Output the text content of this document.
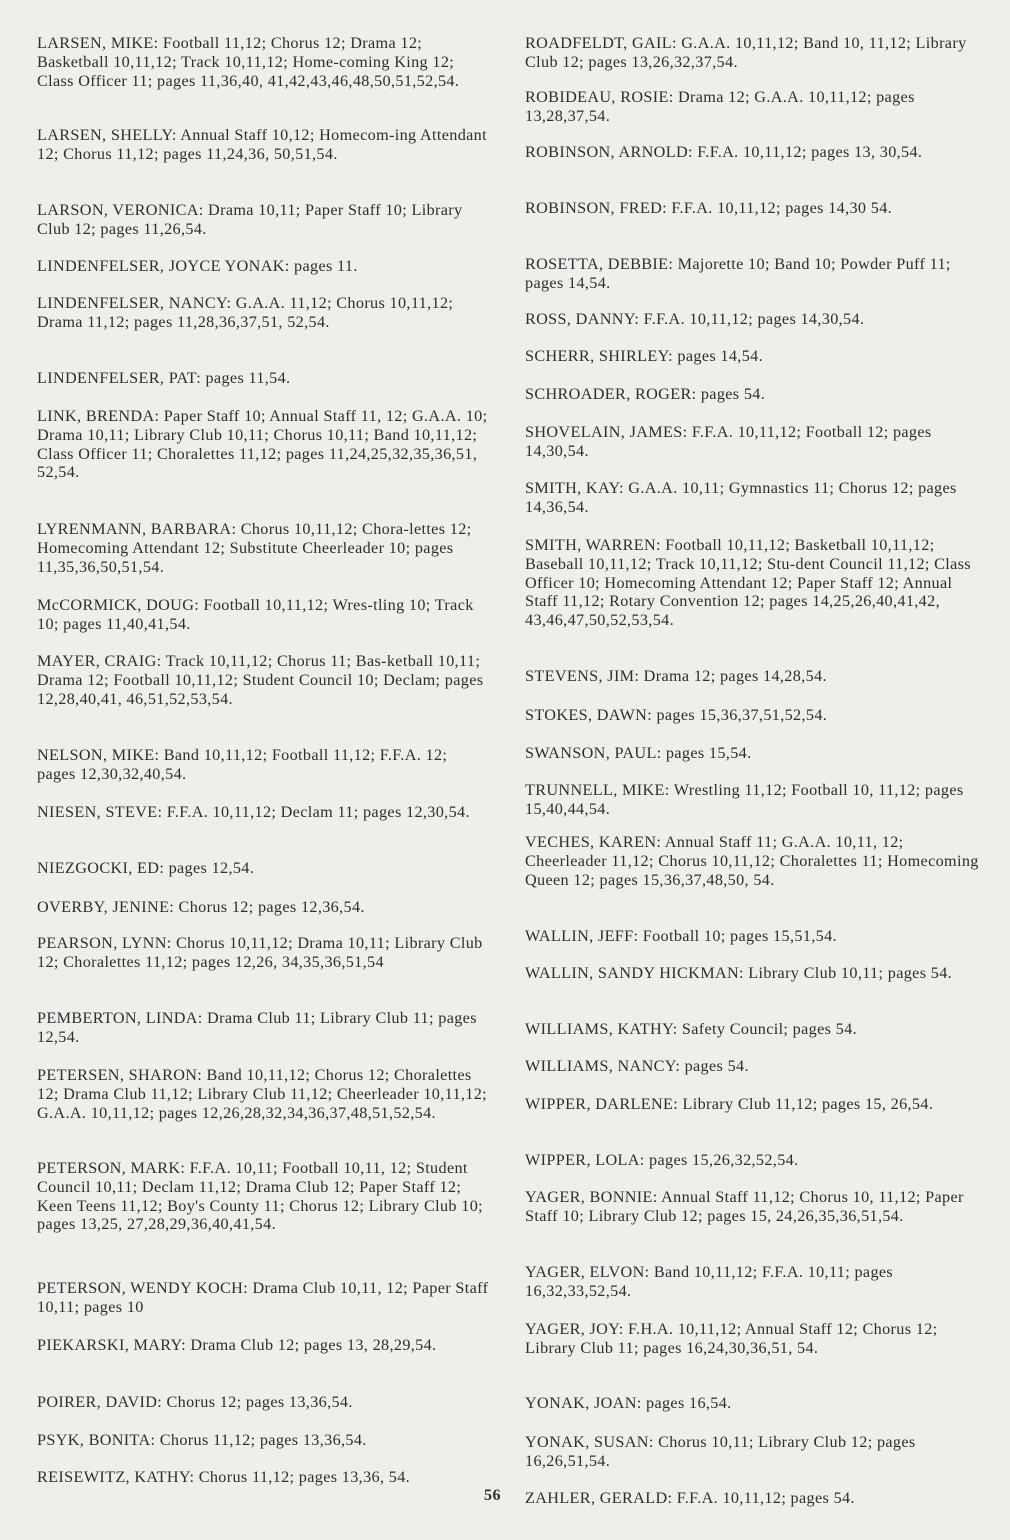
LARSEN, MIKE: Football 11,12; Chorus 12; Drama 12; Basketball 10,11,12; Track 10,11,12; Home-coming King 12; Class Officer 11; pages 11,36,40, 41,42,43,46,48,50,51,52,54.
LARSEN, SHELLY: Annual Staff 10,12; Homecom-ing Attendant 12; Chorus 11,12; pages 11,24,36, 50,51,54.
LARSON, VERONICA: Drama 10,11; Paper Staff 10; Library Club 12; pages 11,26,54.
LINDENFELSER, JOYCE YONAK: pages 11.
LINDENFELSER, NANCY: G.A.A. 11,12; Chorus 10,11,12; Drama 11,12; pages 11,28,36,37,51, 52,54.
LINDENFELSER, PAT: pages 11,54.
LINK, BRENDA: Paper Staff 10; Annual Staff 11, 12; G.A.A. 10; Drama 10,11; Library Club 10,11; Chorus 10,11; Band 10,11,12; Class Officer 11; Choralettes 11,12; pages 11,24,25,32,35,36,51, 52,54.
LYRENMANN, BARBARA: Chorus 10,11,12; Chora-lettes 12; Homecoming Attendant 12; Substitute Cheerleader 10; pages 11,35,36,50,51,54.
McCORMICK, DOUG: Football 10,11,12; Wres-tling 10; Track 10; pages 11,40,41,54.
MAYER, CRAIG: Track 10,11,12; Chorus 11; Bas-ketball 10,11; Drama 12; Football 10,11,12; Student Council 10; Declam; pages 12,28,40,41, 46,51,52,53,54.
NELSON, MIKE: Band 10,11,12; Football 11,12; F.F.A. 12; pages 12,30,32,40,54.
NIESEN, STEVE: F.F.A. 10,11,12; Declam 11; pages 12,30,54.
NIEZGOCKI, ED: pages 12,54.
OVERBY, JENINE: Chorus 12; pages 12,36,54.
PEARSON, LYNN: Chorus 10,11,12; Drama 10,11; Library Club 12; Choralettes 11,12; pages 12,26, 34,35,36,51,54
PEMBERTON, LINDA: Drama Club 11; Library Club 11; pages 12,54.
PETERSEN, SHARON: Band 10,11,12; Chorus 12; Choralettes 12; Drama Club 11,12; Library Club 11,12; Cheerleader 10,11,12; G.A.A. 10,11,12; pages 12,26,28,32,34,36,37,48,51,52,54.
PETERSON, MARK: F.F.A. 10,11; Football 10,11, 12; Student Council 10,11; Declam 11,12; Drama Club 12; Paper Staff 12; Keen Teens 11,12; Boy's County 11; Chorus 12; Library Club 10; pages 13,25, 27,28,29,36,40,41,54.
PETERSON, WENDY KOCH: Drama Club 10,11, 12; Paper Staff 10,11; pages 10
PIEKARSKI, MARY: Drama Club 12; pages 13, 28,29,54.
POIRER, DAVID: Chorus 12; pages 13,36,54.
PSYK, BONITA: Chorus 11,12; pages 13,36,54.
REISEWITZ, KATHY: Chorus 11,12; pages 13,36, 54.
ROADFELDT, GAIL: G.A.A. 10,11,12; Band 10, 11,12; Library Club 12; pages 13,26,32,37,54.
ROBIDEAU, ROSIE: Drama 12; G.A.A. 10,11,12; pages 13,28,37,54.
ROBINSON, ARNOLD: F.F.A. 10,11,12; pages 13, 30,54.
ROBINSON, FRED: F.F.A. 10,11,12; pages 14,30 54.
ROSETTA, DEBBIE: Majorette 10; Band 10; Powder Puff 11; pages 14,54.
ROSS, DANNY: F.F.A. 10,11,12; pages 14,30,54.
SCHERR, SHIRLEY: pages 14,54.
SCHROADER, ROGER: pages 54.
SHOVELAIN, JAMES: F.F.A. 10,11,12; Football 12; pages 14,30,54.
SMITH, KAY: G.A.A. 10,11; Gymnastics 11; Chorus 12; pages 14,36,54.
SMITH, WARREN: Football 10,11,12; Basketball 10,11,12; Baseball 10,11,12; Track 10,11,12; Stu-dent Council 11,12; Class Officer 10; Homecoming Attendant 12; Paper Staff 12; Annual Staff 11,12; Rotary Convention 12; pages 14,25,26,40,41,42, 43,46,47,50,52,53,54.
STEVENS, JIM: Drama 12; pages 14,28,54.
STOKES, DAWN: pages 15,36,37,51,52,54.
SWANSON, PAUL: pages 15,54.
TRUNNELL, MIKE: Wrestling 11,12; Football 10, 11,12; pages 15,40,44,54.
VECHES, KAREN: Annual Staff 11; G.A.A. 10,11, 12; Cheerleader 11,12; Chorus 10,11,12; Choralettes 11; Homecoming Queen 12; pages 15,36,37,48,50, 54.
WALLIN, JEFF: Football 10; pages 15,51,54.
WALLIN, SANDY HICKMAN: Library Club 10,11; pages 54.
WILLIAMS, KATHY: Safety Council; pages 54.
WILLIAMS, NANCY: pages 54.
WIPPER, DARLENE: Library Club 11,12; pages 15, 26,54.
WIPPER, LOLA: pages 15,26,32,52,54.
YAGER, BONNIE: Annual Staff 11,12; Chorus 10, 11,12; Paper Staff 10; Library Club 12; pages 15, 24,26,35,36,51,54.
YAGER, ELVON: Band 10,11,12; F.F.A. 10,11; pages 16,32,33,52,54.
YAGER, JOY: F.H.A. 10,11,12; Annual Staff 12; Chorus 12; Library Club 11; pages 16,24,30,36,51, 54.
YONAK, JOAN: pages 16,54.
YONAK, SUSAN: Chorus 10,11; Library Club 12; pages 16,26,51,54.
ZAHLER, GERALD: F.F.A. 10,11,12; pages 54.
56
